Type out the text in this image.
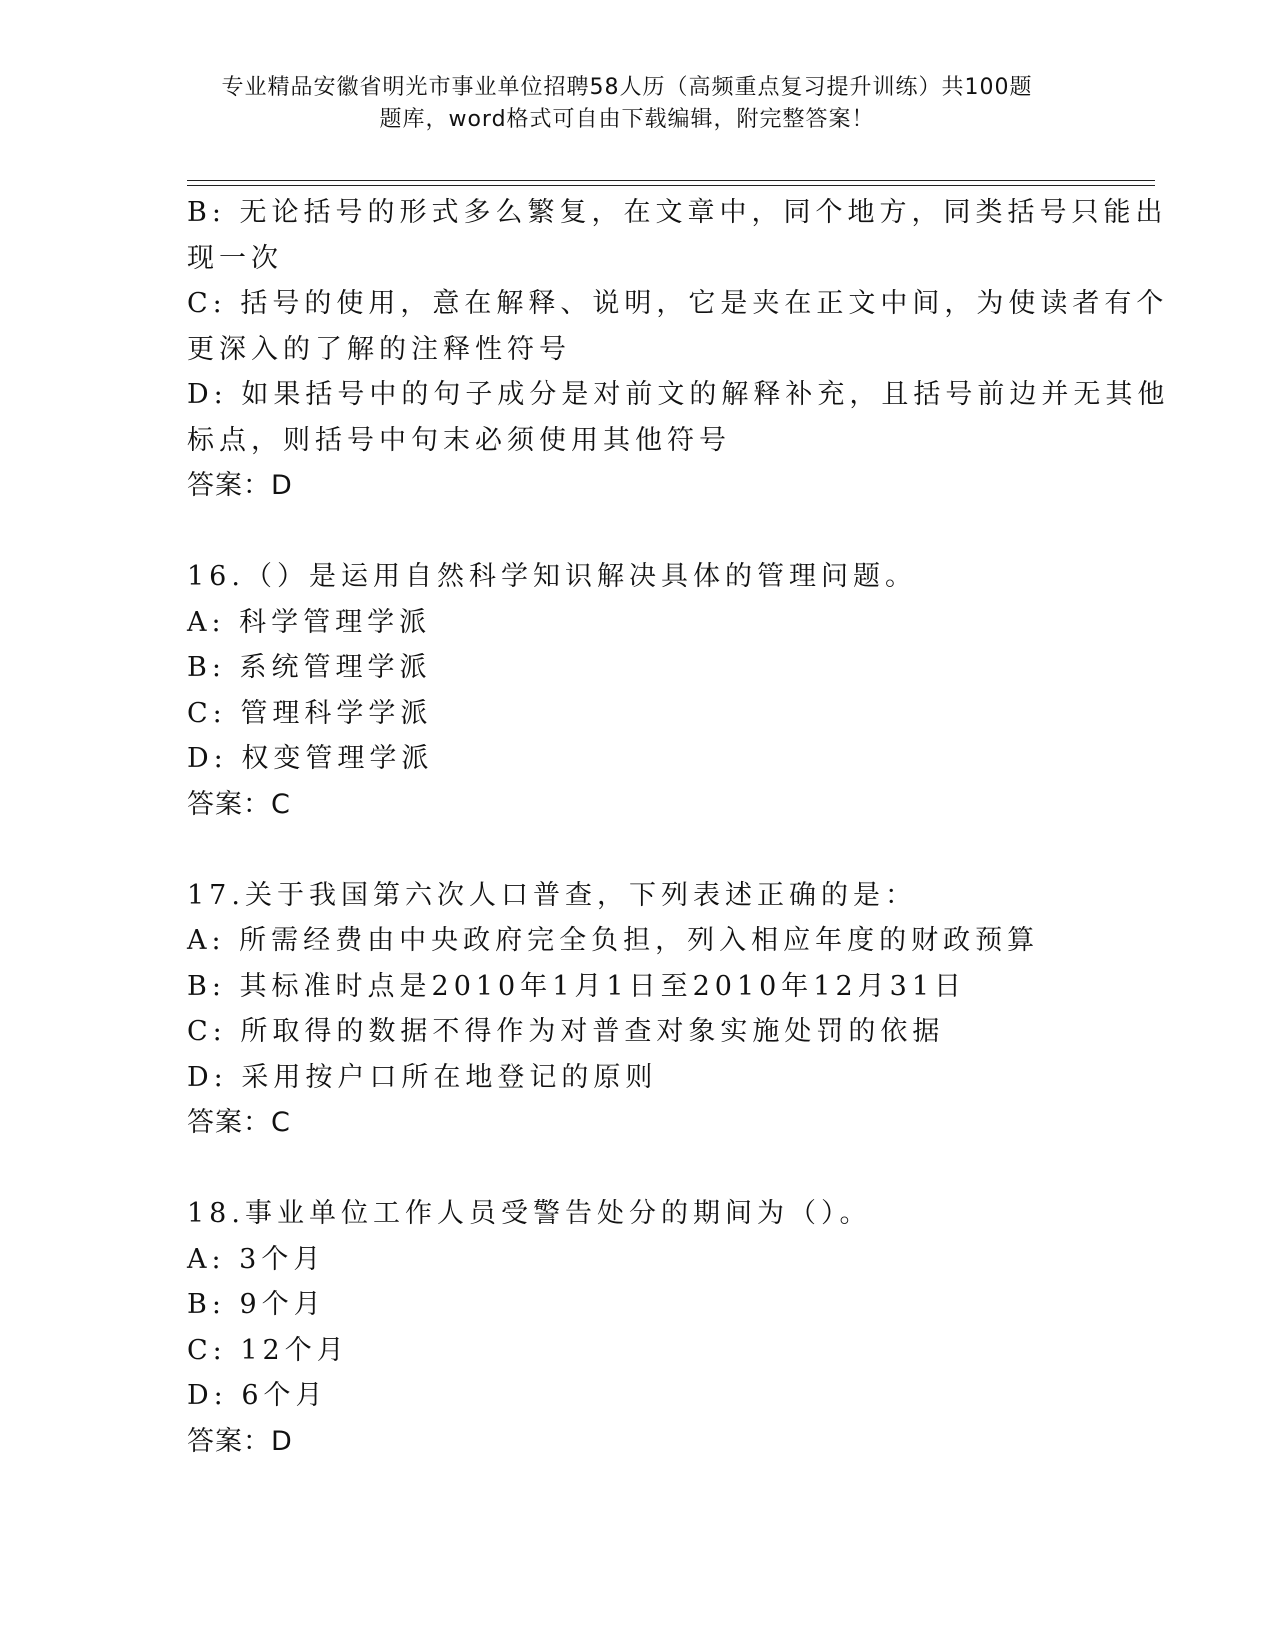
专业精品安徽省明光市事业单位招聘58人历（高频重点复习提升训练）共100题
题库，word格式可自由下载编辑，附完整答案！
B: 无论括号的形式多么繁复，在文章中，同个地方，同类括号只能出
现一次
C: 括号的使用，意在解释、说明，它是夹在正文中间，为使读者有个
更深入的了解的注释性符号
D: 如果括号中的句子成分是对前文的解释补充，且括号前边并无其他
标点，则括号中句末必须使用其他符号
答案：D
16.（）是运用自然科学知识解决具体的管理问题。
A: 科学管理学派
B: 系统管理学派
C: 管理科学学派
D: 权变管理学派
答案：C
17.关于我国第六次人口普查，下列表述正确的是：
A: 所需经费由中央政府完全负担，列入相应年度的财政预算
B: 其标准时点是2010年1月1日至2010年12月31日
C: 所取得的数据不得作为对普查对象实施处罚的依据
D: 采用按户口所在地登记的原则
答案：C
18.事业单位工作人员受警告处分的期间为（）。
A: 3个月
B: 9个月
C: 12个月
D: 6个月
答案：D
